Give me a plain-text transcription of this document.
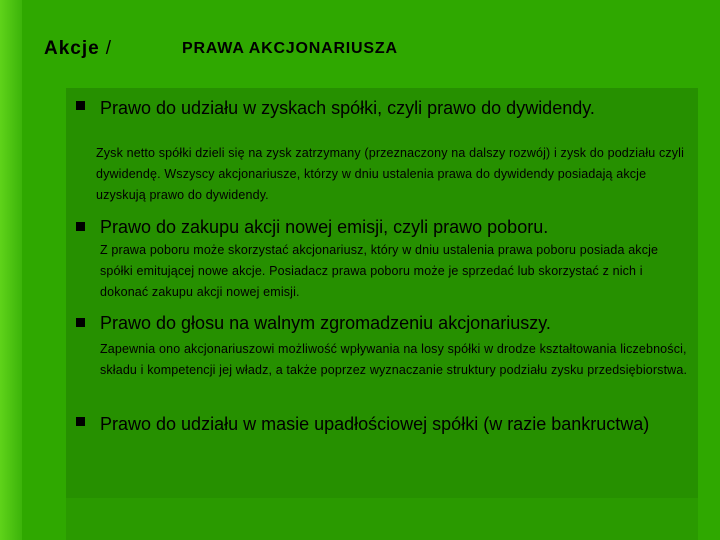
Akcje /	PRAWA AKCJONARIUSZA
Prawo do udziału w zyskach spółki, czyli prawo do dywidendy.
Zysk netto spółki dzieli się na zysk zatrzymany (przeznaczony na dalszy rozwój) i zysk do podziału czyli dywidendę. Wszyscy akcjonariusze, którzy w dniu ustalenia prawa do dywidendy posiadają akcje uzyskują prawo do dywidendy.
Prawo do zakupu akcji nowej emisji, czyli prawo poboru.
Z prawa poboru może skorzystać akcjonariusz, który w dniu ustalenia prawa poboru posiada akcje spółki emitującej nowe akcje. Posiadacz prawa poboru może je sprzedać lub skorzystać z nich i dokonać zakupu akcji nowej emisji.
Prawo do głosu na walnym zgromadzeniu akcjonariuszy.
Zapewnia ono akcjonariuszowi możliwość wpływania na losy spółki w drodze kształtowania liczebności, składu i kompetencji jej władz, a także poprzez wyznaczanie struktury podziału zysku przedsiębiorstwa.
Prawo do udziału w masie upadłościowej spółki (w razie bankructwa)
